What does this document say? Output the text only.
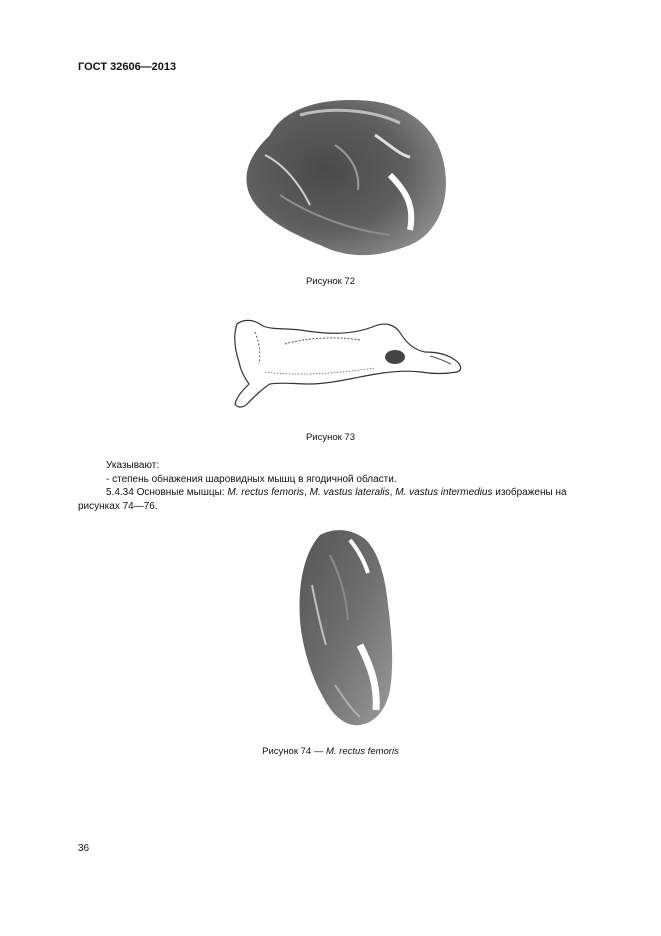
ГОСТ 32606—2013
Рисунок 72
Рисунок 73
Указывают:
- степень обнажения шаровидных мышц в ягодичной области.
5.4.34 Основные мышцы: M. rectus femoris, M. vastus lateralis, M. vastus intermedius изображены на
рисунках 74—76.
Рисунок 74 — M. rectus femoris
36
